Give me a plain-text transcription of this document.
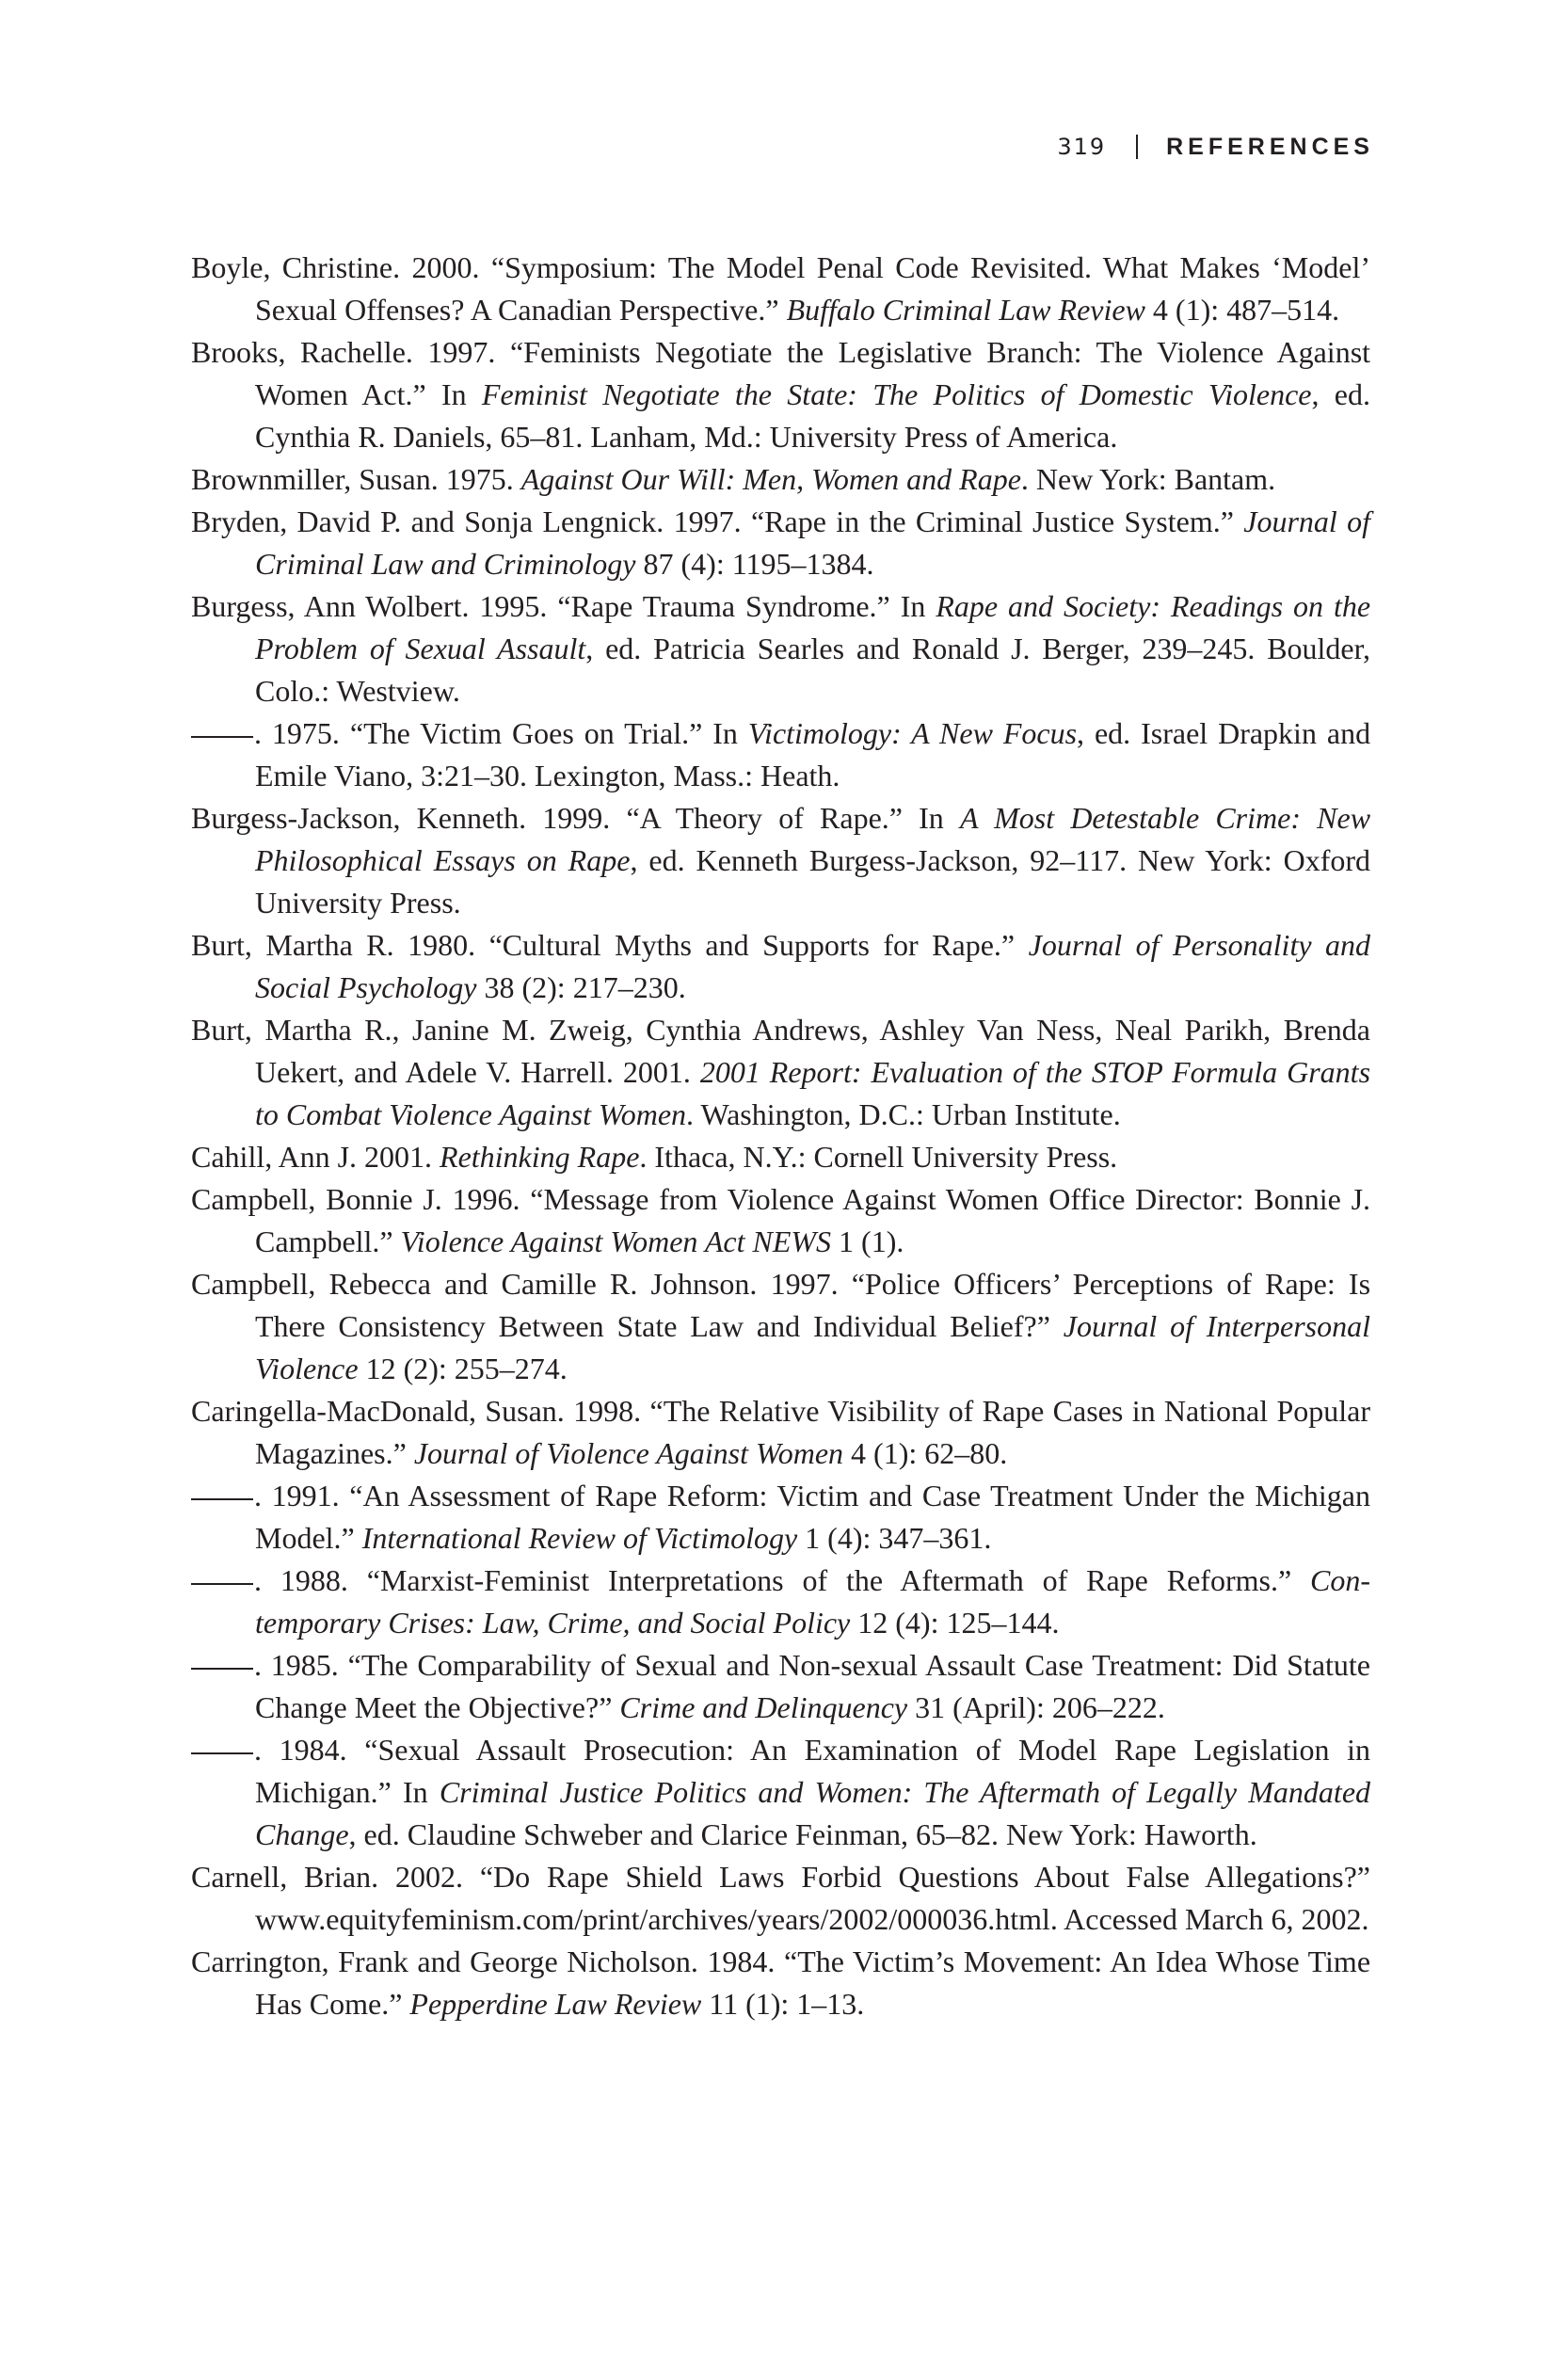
319	REFERENCES

Boyle, Christine. 2000. “Symposium: The Model Penal Code Revisited. What Makes ‘Model’ Sexual Offenses? A Canadian Perspective.” Buffalo Criminal Law Review 4 (1): 487–514.

Brooks, Rachelle. 1997. “Feminists Negotiate the Legislative Branch: The Violence Against Women Act.” In Feminist Negotiate the State: The Politics of Domestic Violence, ed. Cynthia R. Daniels, 65–81. Lanham, Md.: University Press of America.

Brownmiller, Susan. 1975. Against Our Will: Men, Women and Rape. New York: Bantam.

Bryden, David P. and Sonja Lengnick. 1997. “Rape in the Criminal Justice System.” Journal of Criminal Law and Criminology 87 (4): 1195–1384.

Burgess, Ann Wolbert. 1995. “Rape Trauma Syndrome.” In Rape and Society: Readings on the Problem of Sexual Assault, ed. Patricia Searles and Ronald J. Berger, 239–245. Boulder, Colo.: Westview.

. 1975. “The Victim Goes on Trial.” In Victimology: A New Focus, ed. Israel Drapkin and Emile Viano, 3:21–30. Lexington, Mass.: Heath.

Burgess-Jackson, Kenneth. 1999. “A Theory of Rape.” In A Most Detestable Crime: New Philosophical Essays on Rape, ed. Kenneth Burgess-Jackson, 92–117. New York: Oxford University Press.

Burt, Martha R. 1980. “Cultural Myths and Supports for Rape.” Journal of Personality and Social Psychology 38 (2): 217–230.

Burt, Martha R., Janine M. Zweig, Cynthia Andrews, Ashley Van Ness, Neal Parikh, Brenda Uekert, and Adele V. Harrell. 2001. 2001 Report: Evaluation of the STOP Formula Grants to Combat Violence Against Women. Washington, D.C.: Urban Institute.

Cahill, Ann J. 2001. Rethinking Rape. Ithaca, N.Y.: Cornell University Press.

Campbell, Bonnie J. 1996. “Message from Violence Against Women Office Director: Bonnie J. Campbell.” Violence Against Women Act NEWS 1 (1).

Campbell, Rebecca and Camille R. Johnson. 1997. “Police Officers’ Perceptions of Rape: Is There Consistency Between State Law and Individual Belief?” Journal of Interpersonal Violence 12 (2): 255–274.

Caringella-MacDonald, Susan. 1998. “The Relative Visibility of Rape Cases in National Popular Magazines.” Journal of Violence Against Women 4 (1): 62–80.

. 1991. “An Assessment of Rape Reform: Victim and Case Treatment Under the Michigan Model.” International Review of Victimology 1 (4): 347–361.

. 1988. “Marxist-Feminist Interpretations of the Aftermath of Rape Reforms.” Contemporary Crises: Law, Crime, and Social Policy 12 (4): 125–144.

. 1985. “The Comparability of Sexual and Non-sexual Assault Case Treatment: Did Statute Change Meet the Objective?” Crime and Delinquency 31 (April): 206–222.

. 1984. “Sexual Assault Prosecution: An Examination of Model Rape Legislation in Michigan.” In Criminal Justice Politics and Women: The Aftermath of Legally Mandated Change, ed. Claudine Schweber and Clarice Feinman, 65–82. New York: Haworth.

Carnell, Brian. 2002. “Do Rape Shield Laws Forbid Questions About False Allegations?” www.equityfeminism.com/print/archives/years/2002/000036.html. Accessed March 6, 2002.

Carrington, Frank and George Nicholson. 1984. “The Victim’s Movement: An Idea Whose Time Has Come.” Pepperdine Law Review 11 (1): 1–13.
